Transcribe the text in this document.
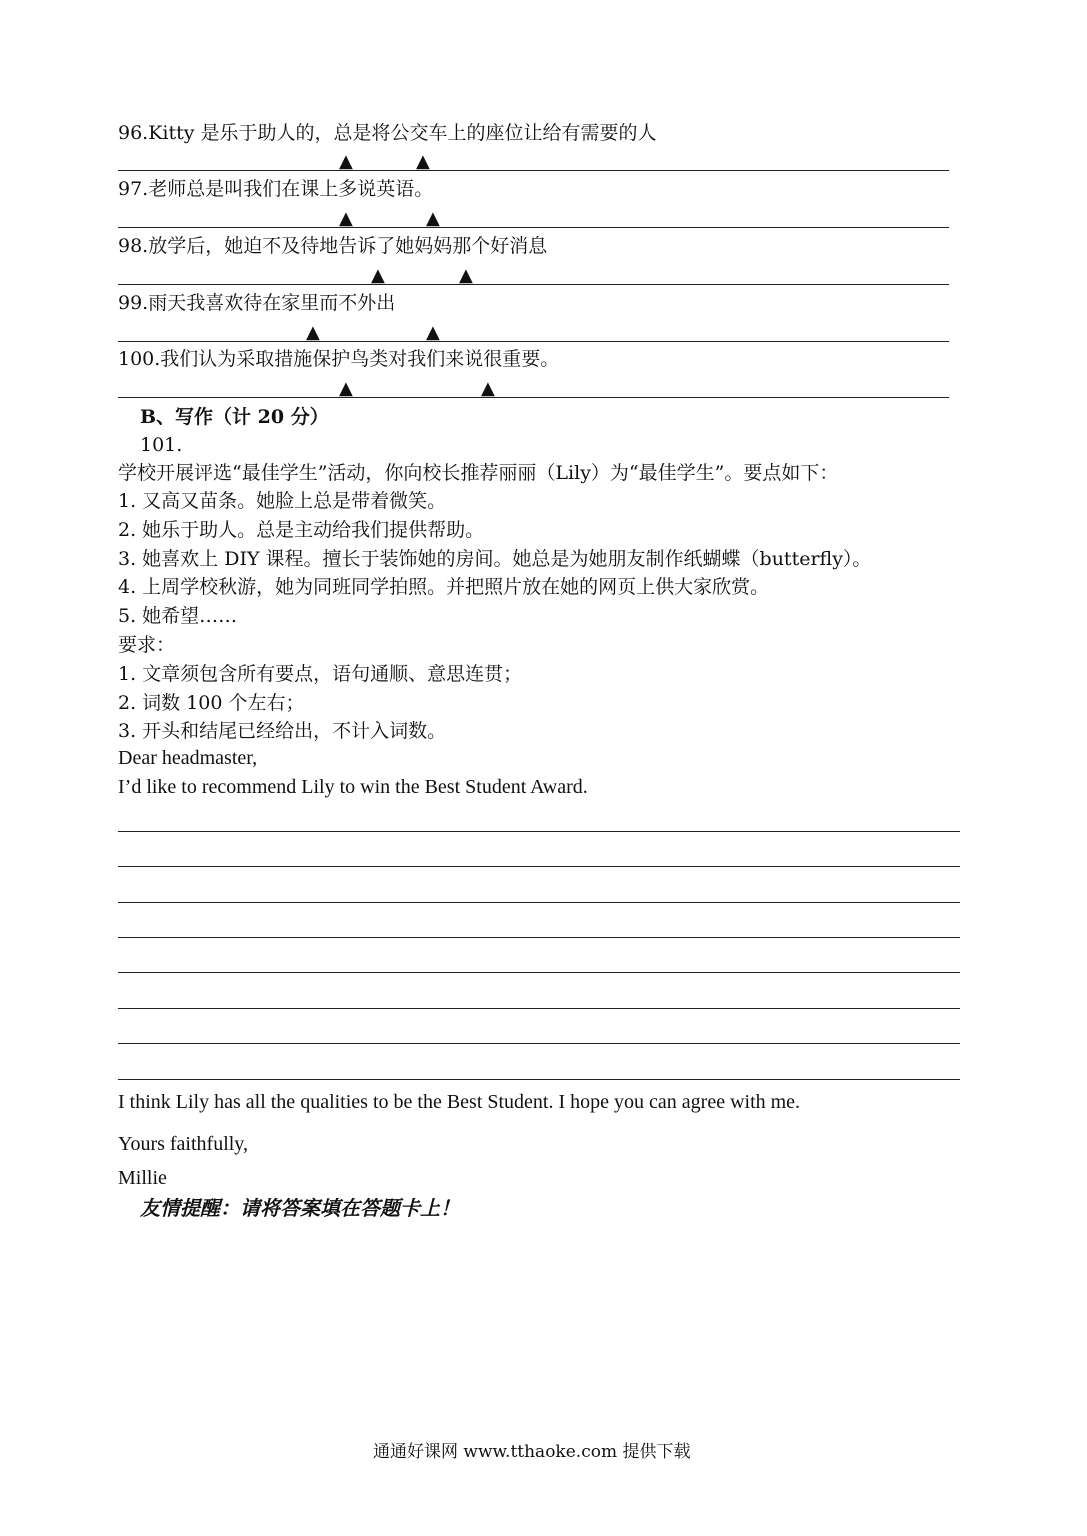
96.Kitty 是乐于助人的，总是将公交车上的座位让给有需要的人
▲	▲
97.老师总是叫我们在课上多说英语。
▲	▲
98.放学后，她迫不及待地告诉了她妈妈那个好消息
▲	▲
99.雨天我喜欢待在家里而不外出
▲	▲
100.我们认为采取措施保护鸟类对我们来说很重要。
▲	▲
B、写作（计 20 分）
101.
学校开展评选“最佳学生”活动，你向校长推荐丽丽（Lily）为“最佳学生”。要点如下：
1. 又高又苗条。她脸上总是带着微笑。
2. 她乐于助人。总是主动给我们提供帮助。
3. 她喜欢上 DIY 课程。擅长于装饰她的房间。她总是为她朋友制作纸蝴蝶（butterfly）。
4. 上周学校秋游，她为同班同学拍照。并把照片放在她的网页上供大家欣赏。
5. 她希望……
要求：
1. 文章须包含所有要点，语句通顺、意思连贯；
2. 词数 100 个左右；
3. 开头和结尾已经给出，不计入词数。
Dear headmaster,
I’d like to recommend Lily to win the Best Student Award.
I think Lily has all the qualities to be the Best Student. I hope you can agree with me.
Yours faithfully,
Millie
友情提醒：请将答案填在答题卡上！
通通好课网 www.tthaoke.com 提供下载
